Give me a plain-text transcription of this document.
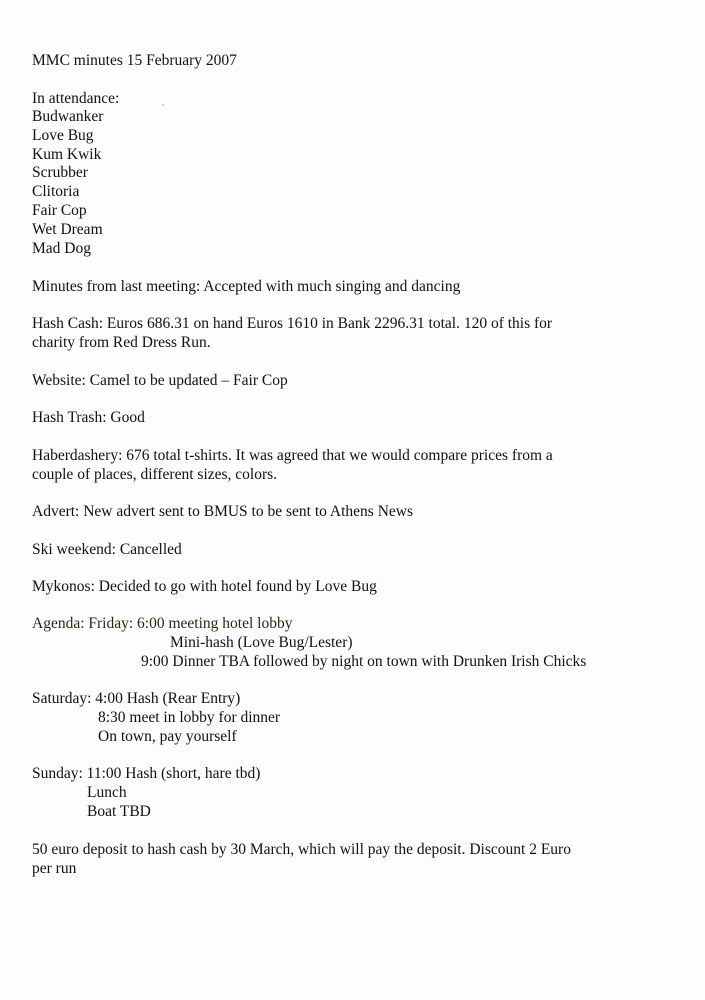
MMC minutes 15 February 2007
In attendance:
Budwanker
Love Bug
Kum Kwik
Scrubber
Clitoria
Fair Cop
Wet Dream
Mad Dog
Minutes from last meeting: Accepted with much singing and dancing
Hash Cash: Euros 686.31 on hand Euros 1610 in Bank 2296.31 total. 120 of this for
charity from Red Dress Run.
Website: Camel to be updated – Fair Cop
Hash Trash: Good
Haberdashery: 676 total t-shirts. It was agreed that we would compare prices from a
couple of places, different sizes, colors.
Advert: New advert sent to BMUS to be sent to Athens News
Ski weekend: Cancelled
Mykonos: Decided to go with hotel found by Love Bug
Agenda: Friday: 6:00 meeting hotel lobby
Mini-hash (Love Bug/Lester)
9:00 Dinner TBA followed by night on town with Drunken Irish Chicks
Saturday: 4:00 Hash (Rear Entry)
8:30 meet in lobby for dinner
On town, pay yourself
Sunday: 11:00 Hash (short, hare tbd)
Lunch
Boat TBD
50 euro deposit to hash cash by 30 March, which will pay the deposit. Discount 2 Euro
per run
